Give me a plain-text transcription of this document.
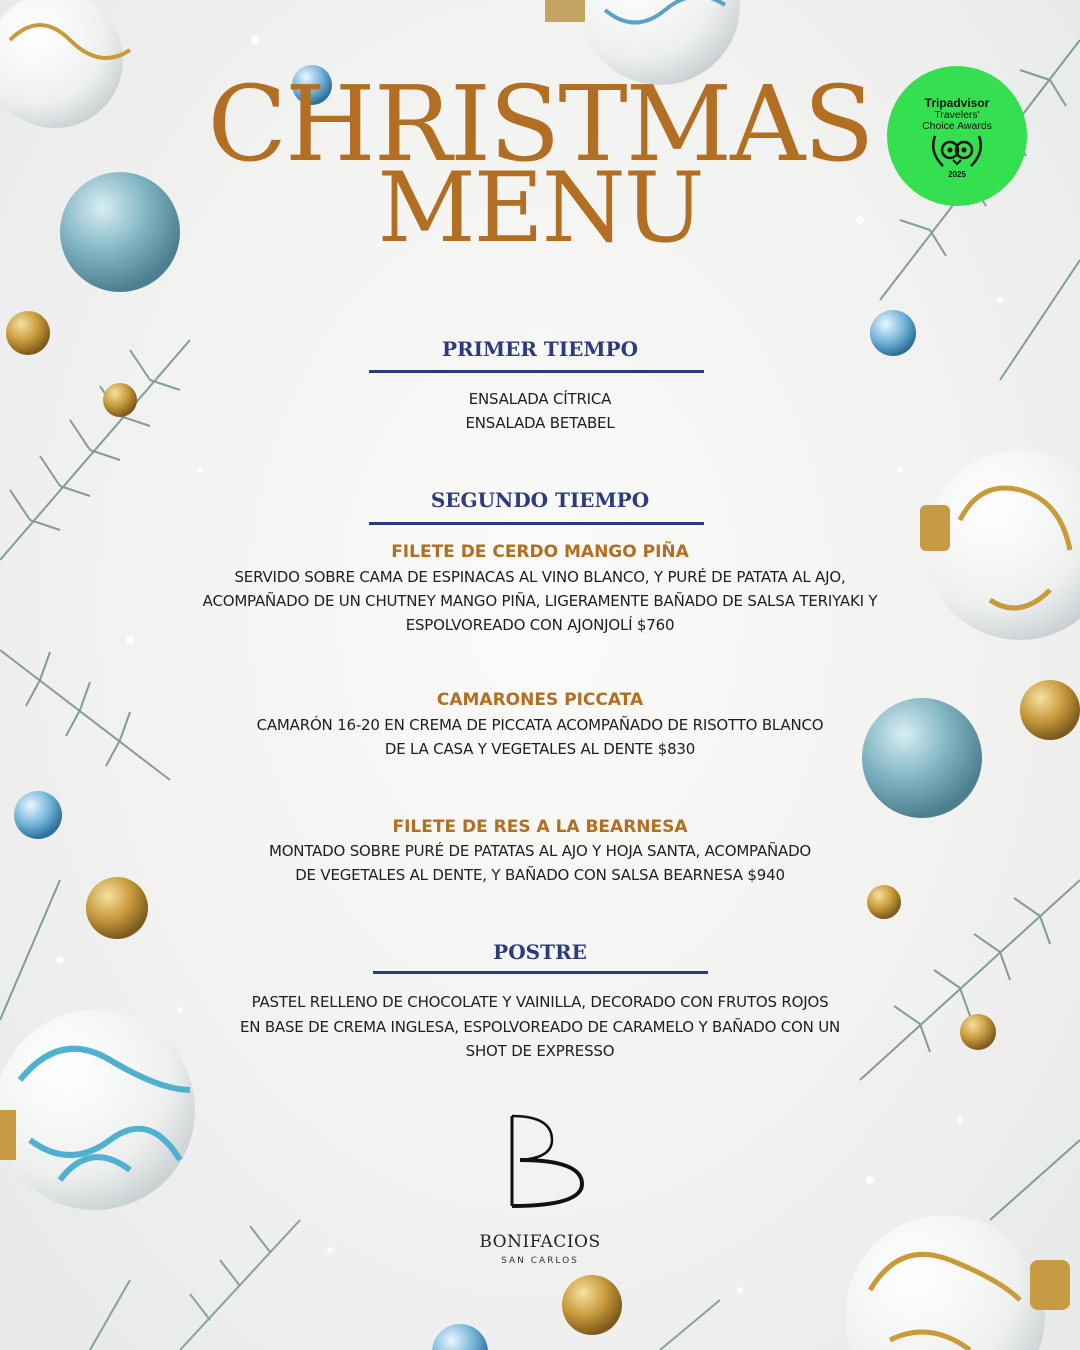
CHRISTMAS
MENU
Tripadvisor
Travelers'
Choice Awards
2025
PRIMER TIEMPO
ENSALADA CÍTRICA
ENSALADA BETABEL
SEGUNDO TIEMPO
FILETE DE CERDO MANGO PIÑA
SERVIDO SOBRE CAMA DE ESPINACAS AL VINO BLANCO, Y PURÉ DE PATATA AL AJO,
ACOMPAÑADO DE UN CHUTNEY MANGO PIÑA, LIGERAMENTE BAÑADO DE SALSA TERIYAKI Y
ESPOLVOREADO CON AJONJOLÍ $760
CAMARONES PICCATA
CAMARÓN 16-20 EN CREMA DE PICCATA ACOMPAÑADO DE RISOTTO BLANCO
DE LA CASA Y VEGETALES AL DENTE $830
FILETE DE RES A LA BEARNESA
MONTADO SOBRE PURÉ DE PATATAS AL AJO Y HOJA SANTA, ACOMPAÑADO
DE VEGETALES AL DENTE, Y BAÑADO CON SALSA BEARNESA $940
POSTRE
PASTEL RELLENO DE CHOCOLATE Y VAINILLA, DECORADO CON FRUTOS ROJOS
EN BASE DE CREMA INGLESA, ESPOLVOREADO DE CARAMELO Y BAÑADO CON UN
SHOT DE EXPRESSO
B
BONIFACIOS
SAN CARLOS
